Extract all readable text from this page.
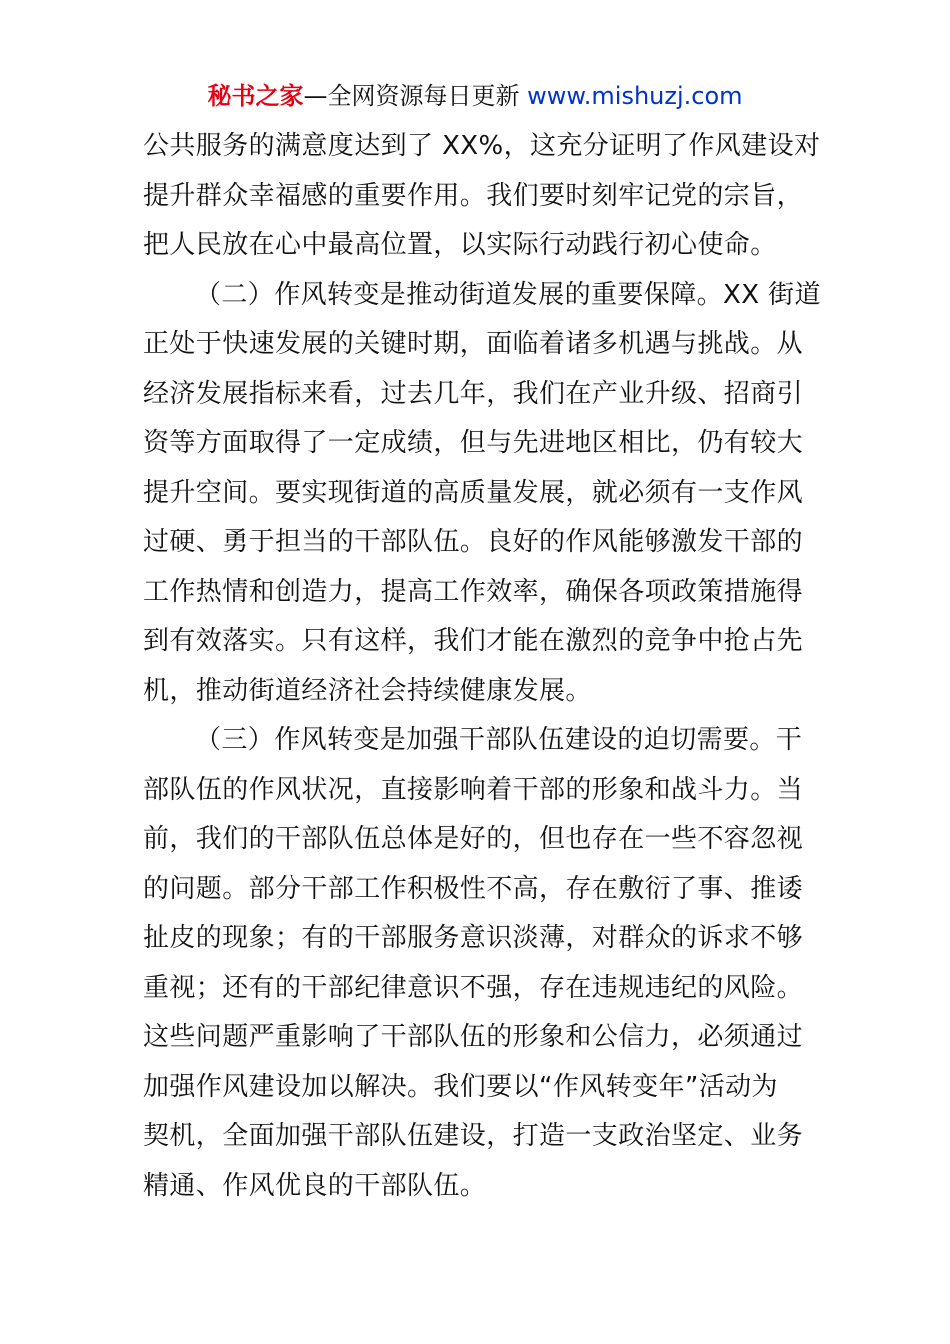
秘书之家—全网资源每日更新 www.mishuzj.com
公共服务的满意度达到了 XX%，这充分证明了作风建设对
提升群众幸福感的重要作用。我们要时刻牢记党的宗旨，
把人民放在心中最高位置，以实际行动践行初心使命。
（二）作风转变是推动街道发展的重要保障。XX 街道
正处于快速发展的关键时期，面临着诸多机遇与挑战。从
经济发展指标来看，过去几年，我们在产业升级、招商引
资等方面取得了一定成绩，但与先进地区相比，仍有较大
提升空间。要实现街道的高质量发展，就必须有一支作风
过硬、勇于担当的干部队伍。良好的作风能够激发干部的
工作热情和创造力，提高工作效率，确保各项政策措施得
到有效落实。只有这样，我们才能在激烈的竞争中抢占先
机，推动街道经济社会持续健康发展。
（三）作风转变是加强干部队伍建设的迫切需要。干
部队伍的作风状况，直接影响着干部的形象和战斗力。当
前，我们的干部队伍总体是好的，但也存在一些不容忽视
的问题。部分干部工作积极性不高，存在敷衍了事、推诿
扯皮的现象；有的干部服务意识淡薄，对群众的诉求不够
重视；还有的干部纪律意识不强，存在违规违纪的风险。
这些问题严重影响了干部队伍的形象和公信力，必须通过
加强作风建设加以解决。我们要以“作风转变年”活动为
契机，全面加强干部队伍建设，打造一支政治坚定、业务
精通、作风优良的干部队伍。
